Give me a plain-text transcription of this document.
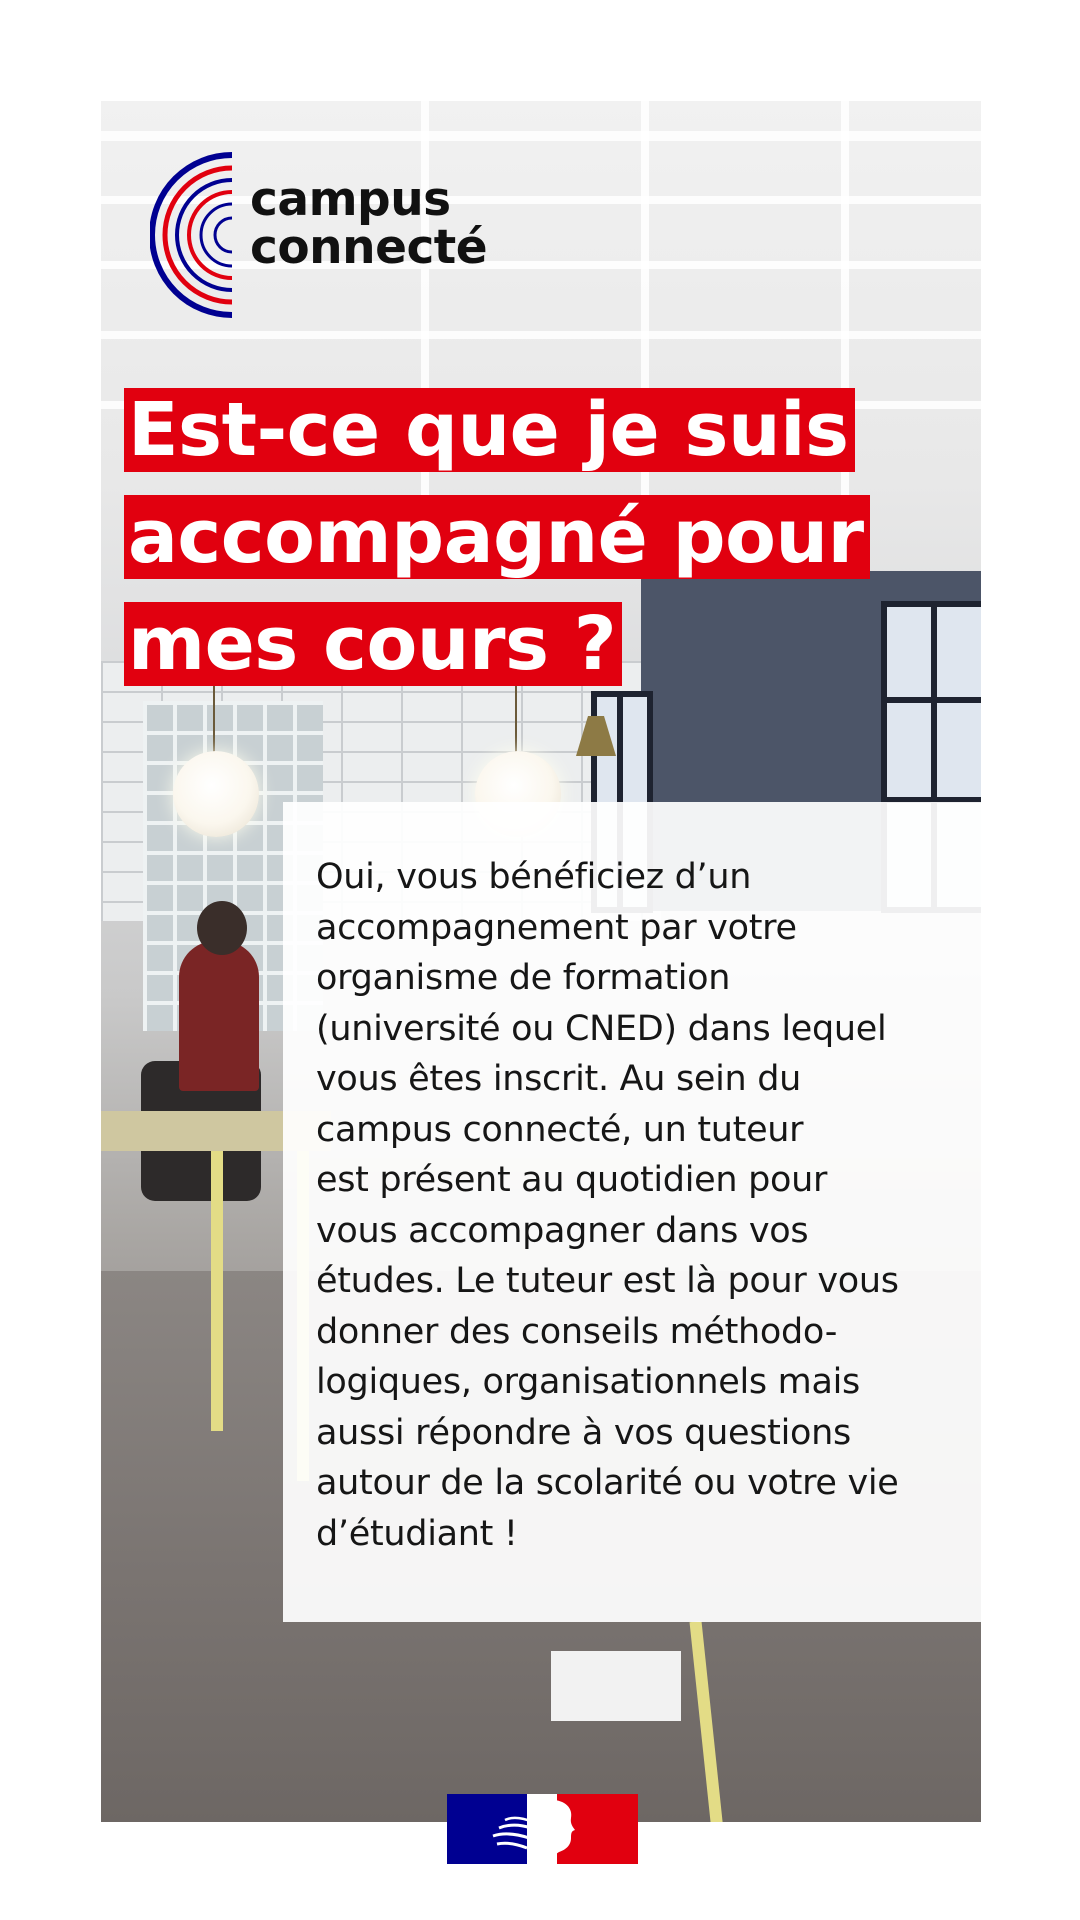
campus
connecté
Est-ce que je suis
accompagné pour
mes cours ?
Oui, vous bénéficiez d’un
accompagnement par votre
organisme de formation
(université ou CNED) dans lequel
vous êtes inscrit. Au sein du
campus connecté, un tuteur
est présent au quotidien pour
vous accompagner dans vos
études. Le tuteur est là pour vous
donner des conseils méthodo-
logiques, organisationnels mais
aussi répondre à vos questions
autour de la scolarité ou votre vie
d’étudiant !
